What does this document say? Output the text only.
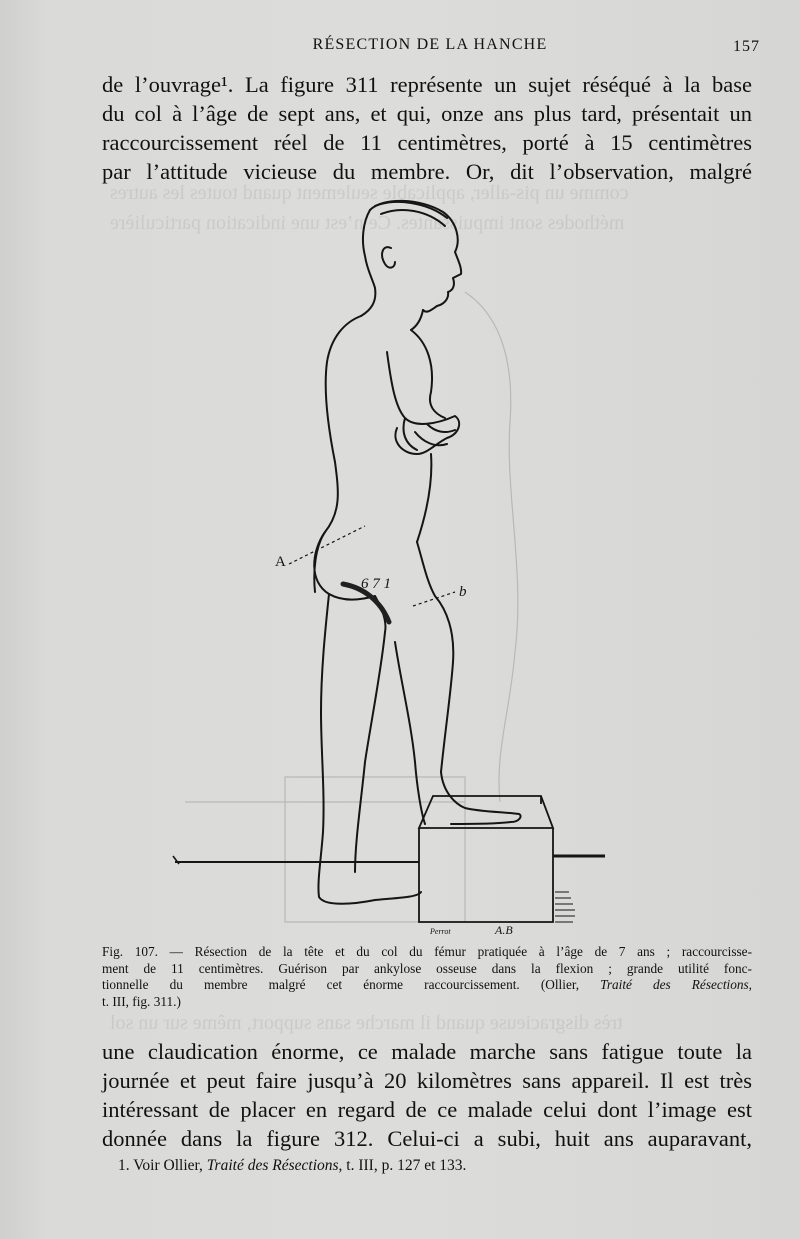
comme un pis-aller, applicable seulement quand toutes les autres
méthodes sont impuissantes. Ce n’est une indication particulière
très disgracieuse quand il marche sans support, même sur un sol
RÉSECTION DE LA HANCHE	157

de l’ouvrage¹. La figure 311 représente un sujet réséqué à la base
du col à l’âge de sept ans, et qui, onze ans plus tard, présentait un
raccourcissement réel de 11 centimètres, porté à 15 centimètres
par l’attitude vicieuse du membre. Or, dit l’observation, malgré

A
b
6 7 1
Perrot	A.B

Fig. 107. — Résection de la tête et du col du fémur pratiquée à l’âge de 7 ans ; raccourcisse-
ment de 11 centimètres. Guérison par ankylose osseuse dans la flexion ; grande utilité fonc-
tionnelle du membre malgré cet énorme raccourcissement. (Ollier, Traité des Résections,
t. III, fig. 311.)

une claudication énorme, ce malade marche sans fatigue toute la
journée et peut faire jusqu’à 20 kilomètres sans appareil. Il est très
intéressant de placer en regard de ce malade celui dont l’image est
donnée dans la figure 312. Celui-ci a subi, huit ans auparavant,

1. Voir Ollier, Traité des Résections, t. III, p. 127 et 133.
